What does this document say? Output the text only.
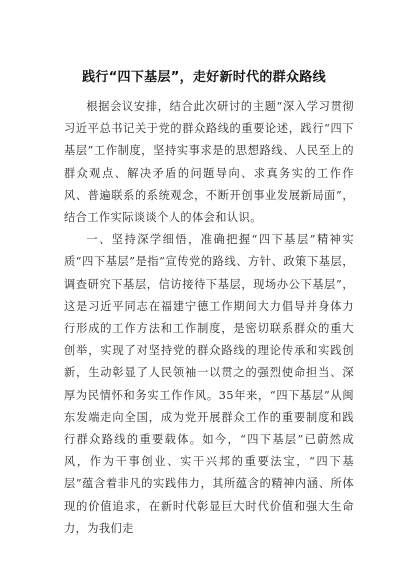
践行“四下基层”，走好新时代的群众路线

根据会议安排，结合此次研讨的主题“深入学习贯彻习近平总书记关于党的群众路线的重要论述，践行“四下基层”工作制度，坚持实事求是的思想路线、人民至上的群众观点、解决矛盾的问题导向、求真务实的工作作风、普遍联系的系统观念，不断开创事业发展新局面”，结合工作实际谈谈个人的体会和认识。

一、坚持深学细悟，准确把握“四下基层”精神实质“四下基层”是指“宣传党的路线、方针、政策下基层，调查研究下基层，信访接待下基层，现场办公下基层”，这是习近平同志在福建宁德工作期间大力倡导并身体力行形成的工作方法和工作制度，是密切联系群众的重大创举，实现了对坚持党的群众路线的理论传承和实践创新，生动彰显了人民领袖一以贯之的强烈使命担当、深厚为民情怀和务实工作作风。35年来，“四下基层”从闽东发端走向全国，成为党开展群众工作的重要制度和践行群众路线的重要载体。如今，“四下基层”已蔚然成风，作为干事创业、实干兴邦的重要法宝，“四下基层”蕴含着非凡的实践伟力，其所蕴含的精神内涵、所体现的价值追求，在新时代彰显巨大时代价值和强大生命力，为我们走
